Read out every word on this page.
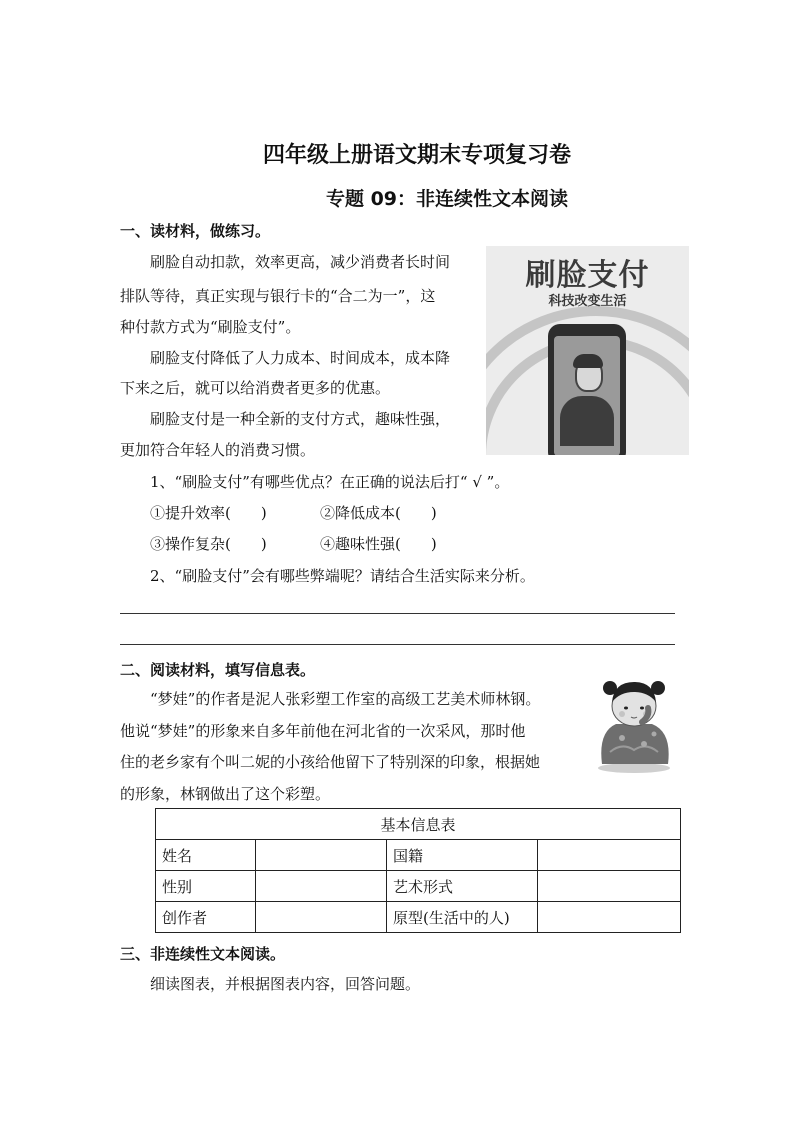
四年级上册语文期末专项复习卷
专题 09：非连续性文本阅读
一、读材料，做练习。
刷脸自动扣款，效率更高，减少消费者长时间
排队等待，真正实现与银行卡的“合二为一”，这
种付款方式为“刷脸支付”。
刷脸支付降低了人力成本、时间成本，成本降
下来之后，就可以给消费者更多的优惠。
刷脸支付是一种全新的支付方式，趣味性强，
更加符合年轻人的消费习惯。
刷脸支付
科技改变生活
1、“刷脸支付”有哪些优点？在正确的说法后打“ √ ”。
①提升效率(　　)	②降低成本(　　)
③操作复杂(　　)	④趣味性强(　　)
2、“刷脸支付”会有哪些弊端呢？请结合生活实际来分析。
二、阅读材料，填写信息表。
“梦娃”的作者是泥人张彩塑工作室的高级工艺美术师林钢。
他说“梦娃”的形象来自多年前他在河北省的一次采风，那时他
住的老乡家有个叫二妮的小孩给他留下了特别深的印象，根据她
的形象，林钢做出了这个彩塑。
基本信息表			
姓名		国籍	
性别		艺术形式	
创作者		原型(生活中的人)	
三、非连续性文本阅读。
细读图表，并根据图表内容，回答问题。
